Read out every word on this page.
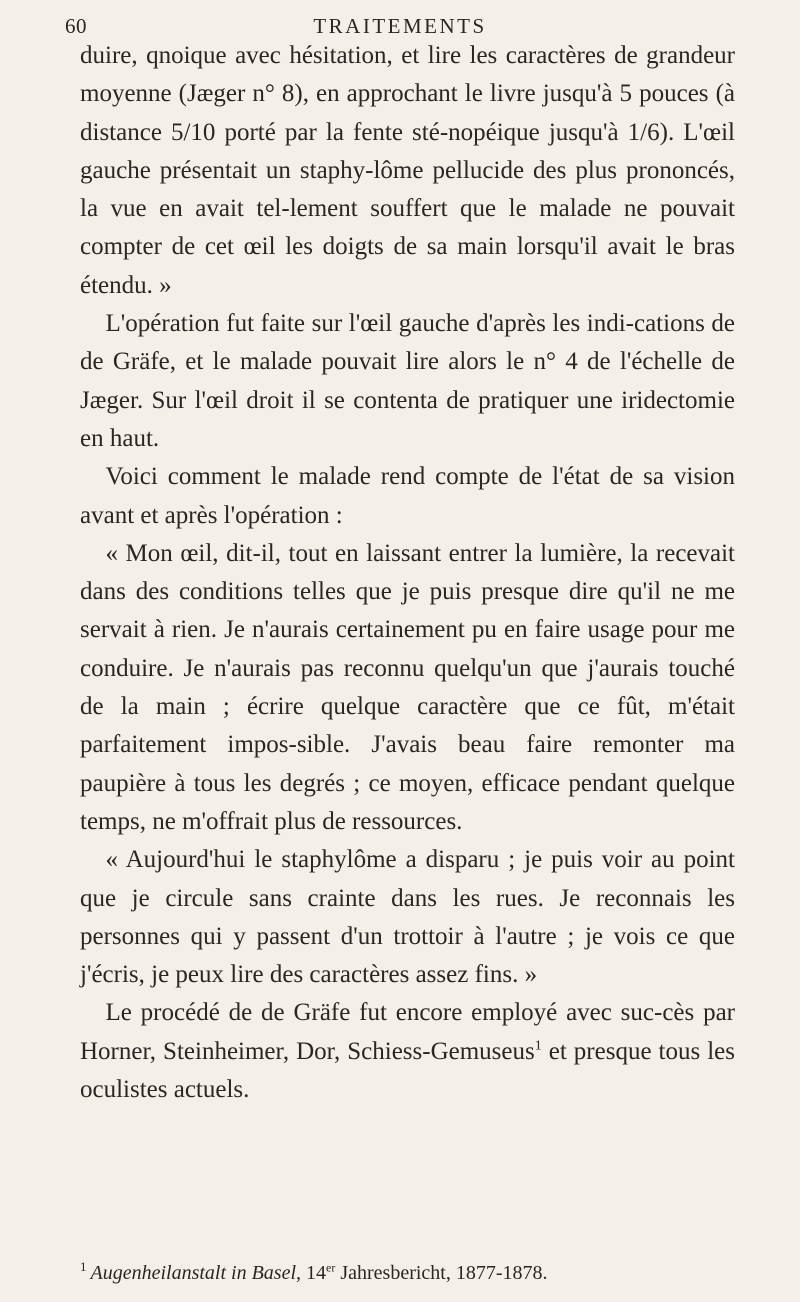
60	TRAITEMENTS

duire, qnoique avec hésitation, et lire les caractères de grandeur moyenne (Jæger n° 8), en approchant le livre jusqu'à 5 pouces (à distance 5/10 porté par la fente sté-nopéique jusqu'à 1/6). L'œil gauche présentait un staphy-lôme pellucide des plus prononcés, la vue en avait tel-lement souffert que le malade ne pouvait compter de cet œil les doigts de sa main lorsqu'il avait le bras étendu. »

L'opération fut faite sur l'œil gauche d'après les indi-cations de de Gräfe, et le malade pouvait lire alors le n° 4 de l'échelle de Jæger. Sur l'œil droit il se contenta de pratiquer une iridectomie en haut.

Voici comment le malade rend compte de l'état de sa vision avant et après l'opération :

« Mon œil, dit-il, tout en laissant entrer la lumière, la recevait dans des conditions telles que je puis presque dire qu'il ne me servait à rien. Je n'aurais certainement pu en faire usage pour me conduire. Je n'aurais pas reconnu quelqu'un que j'aurais touché de la main ; écrire quelque caractère que ce fût, m'était parfaitement impos-sible. J'avais beau faire remonter ma paupière à tous les degrés ; ce moyen, efficace pendant quelque temps, ne m'offrait plus de ressources.

« Aujourd'hui le staphylôme a disparu ; je puis voir au point que je circule sans crainte dans les rues. Je reconnais les personnes qui y passent d'un trottoir à l'autre ; je vois ce que j'écris, je peux lire des caractères assez fins. »

Le procédé de de Gräfe fut encore employé avec suc-cès par Horner, Steinheimer, Dor, Schiess-Gemuseus$^1$ et presque tous les oculistes actuels.

$^1$ Augenheilanstalt in Basel, 14er Jahresbericht, 1877-1878.
